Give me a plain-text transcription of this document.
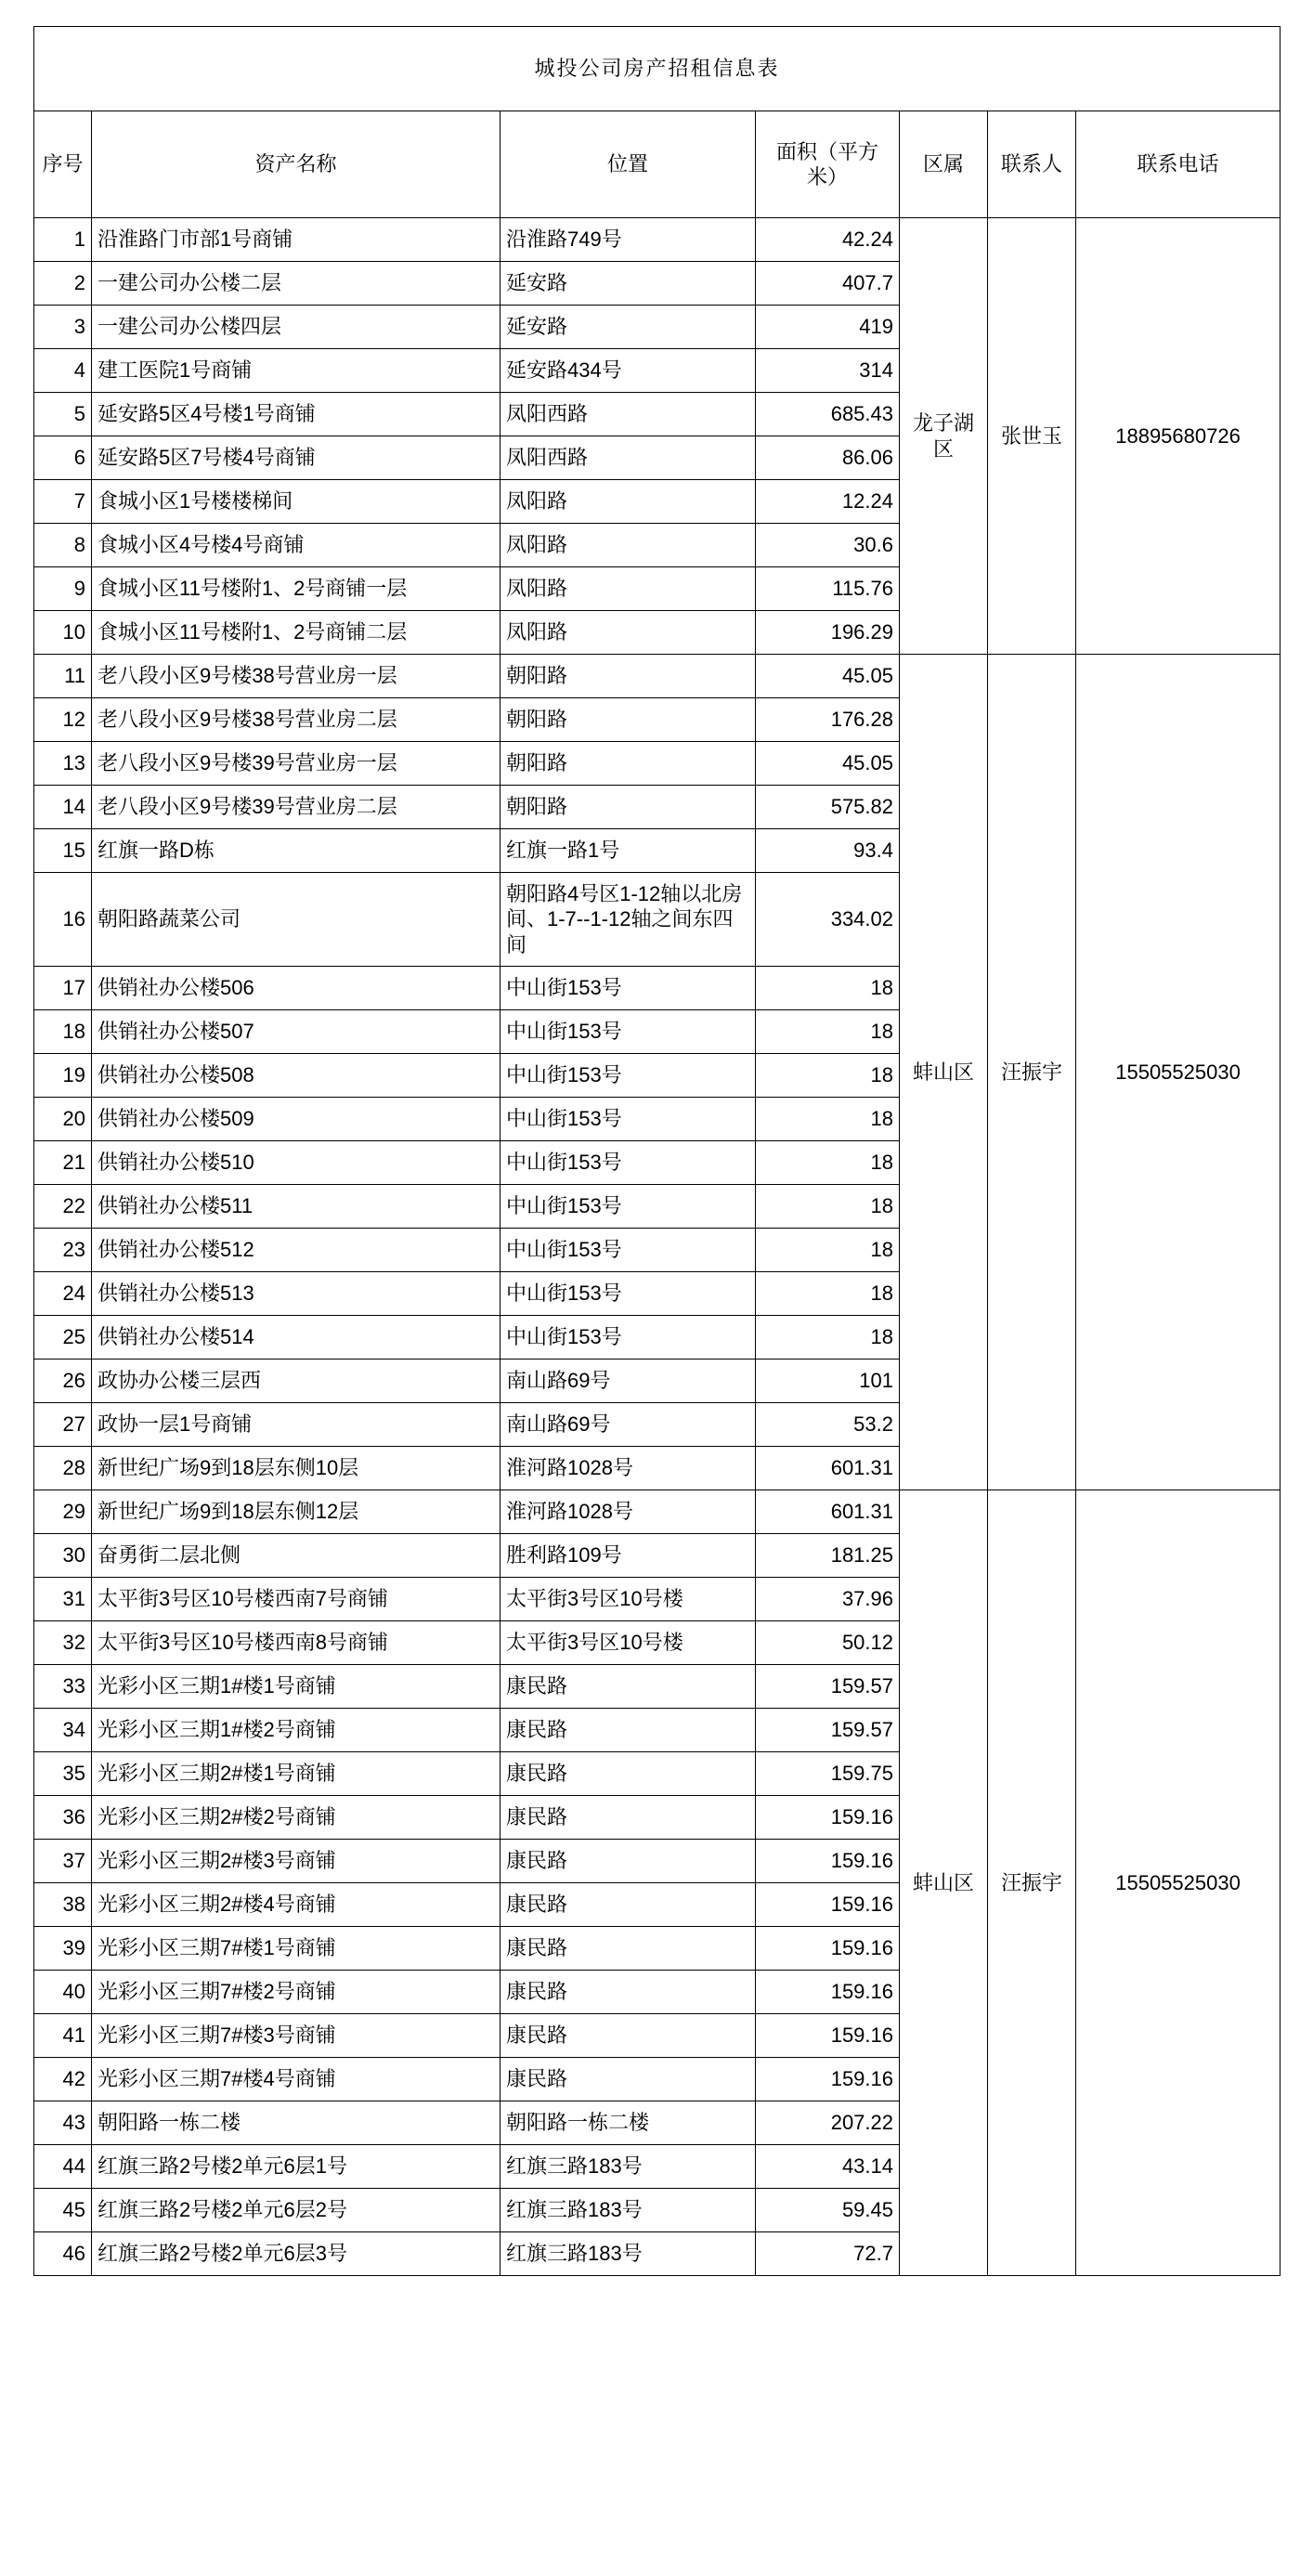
城投公司房产招租信息表						
序号	资产名称	位置	面积（平方米）	区属	联系人	联系电话
1	沿淮路门市部1号商铺	沿淮路749号	42.24	龙子湖区	张世玉	18895680726
2	一建公司办公楼二层	延安路	407.7			
3	一建公司办公楼四层	延安路	419			
4	建工医院1号商铺	延安路434号	314			
5	延安路5区4号楼1号商铺	凤阳西路	685.43			
6	延安路5区7号楼4号商铺	凤阳西路	86.06			
7	食城小区1号楼楼梯间	凤阳路	12.24			
8	食城小区4号楼4号商铺	凤阳路	30.6			
9	食城小区11号楼附1、2号商铺一层	凤阳路	115.76			
10	食城小区11号楼附1、2号商铺二层	凤阳路	196.29			
11	老八段小区9号楼38号营业房一层	朝阳路	45.05	蚌山区	汪振宇	15505525030
12	老八段小区9号楼38号营业房二层	朝阳路	176.28			
13	老八段小区9号楼39号营业房一层	朝阳路	45.05			
14	老八段小区9号楼39号营业房二层	朝阳路	575.82			
15	红旗一路D栋	红旗一路1号	93.4			
16	朝阳路蔬菜公司	朝阳路4号区1-12轴以北房间、1-7--1-12轴之间东四间	334.02			
17	供销社办公楼506	中山街153号	18			
18	供销社办公楼507	中山街153号	18			
19	供销社办公楼508	中山街153号	18			
20	供销社办公楼509	中山街153号	18			
21	供销社办公楼510	中山街153号	18			
22	供销社办公楼511	中山街153号	18			
23	供销社办公楼512	中山街153号	18			
24	供销社办公楼513	中山街153号	18			
25	供销社办公楼514	中山街153号	18			
26	政协办公楼三层西	南山路69号	101			
27	政协一层1号商铺	南山路69号	53.2			
28	新世纪广场9到18层东侧10层	淮河路1028号	601.31			
29	新世纪广场9到18层东侧12层	淮河路1028号	601.31	蚌山区	汪振宇	15505525030
30	奋勇街二层北侧	胜利路109号	181.25			
31	太平街3号区10号楼西南7号商铺	太平街3号区10号楼	37.96			
32	太平街3号区10号楼西南8号商铺	太平街3号区10号楼	50.12			
33	光彩小区三期1#楼1号商铺	康民路	159.57			
34	光彩小区三期1#楼2号商铺	康民路	159.57			
35	光彩小区三期2#楼1号商铺	康民路	159.75			
36	光彩小区三期2#楼2号商铺	康民路	159.16			
37	光彩小区三期2#楼3号商铺	康民路	159.16			
38	光彩小区三期2#楼4号商铺	康民路	159.16			
39	光彩小区三期7#楼1号商铺	康民路	159.16			
40	光彩小区三期7#楼2号商铺	康民路	159.16			
41	光彩小区三期7#楼3号商铺	康民路	159.16			
42	光彩小区三期7#楼4号商铺	康民路	159.16			
43	朝阳路一栋二楼	朝阳路一栋二楼	207.22			
44	红旗三路2号楼2单元6层1号	红旗三路183号	43.14			
45	红旗三路2号楼2单元6层2号	红旗三路183号	59.45			
46	红旗三路2号楼2单元6层3号	红旗三路183号	72.7			
